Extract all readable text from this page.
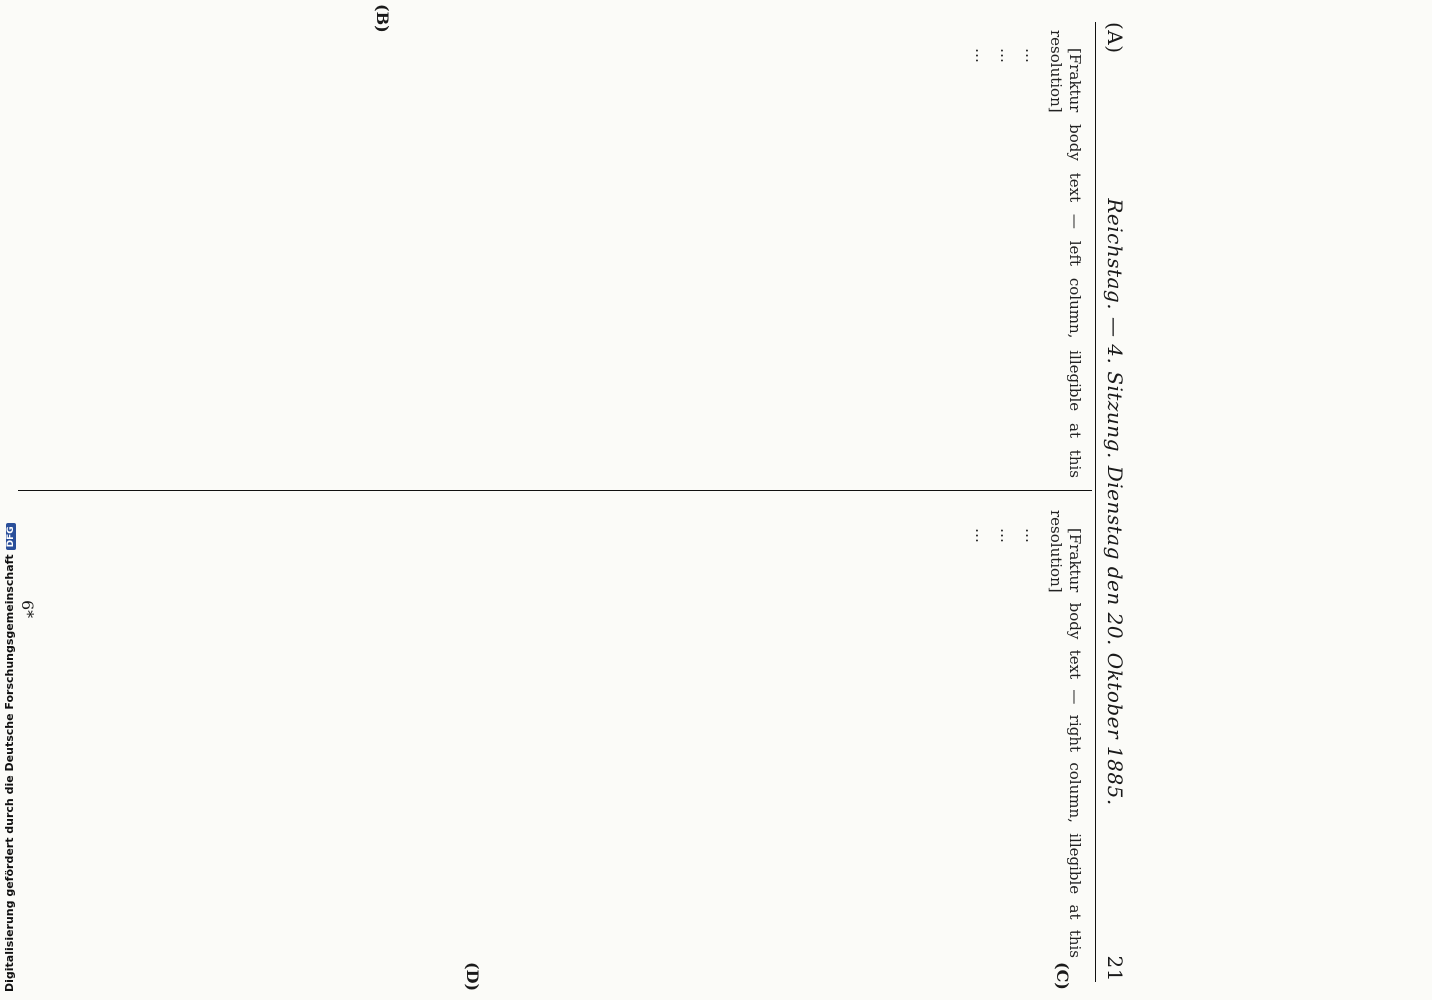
(A)
Reichstag. — 4. Sitzung. Dienstag den 20. Oktober 1885.
21

[Fraktur body text — left column, illegible at this resolution]

…

…

…

[Fraktur body text — right column, illegible at this resolution]

…

…

…

(B)
(C)
(D)
6*
Digitalisierung gefördert durch die Deutsche ForschungsgemeinschaftDFG
